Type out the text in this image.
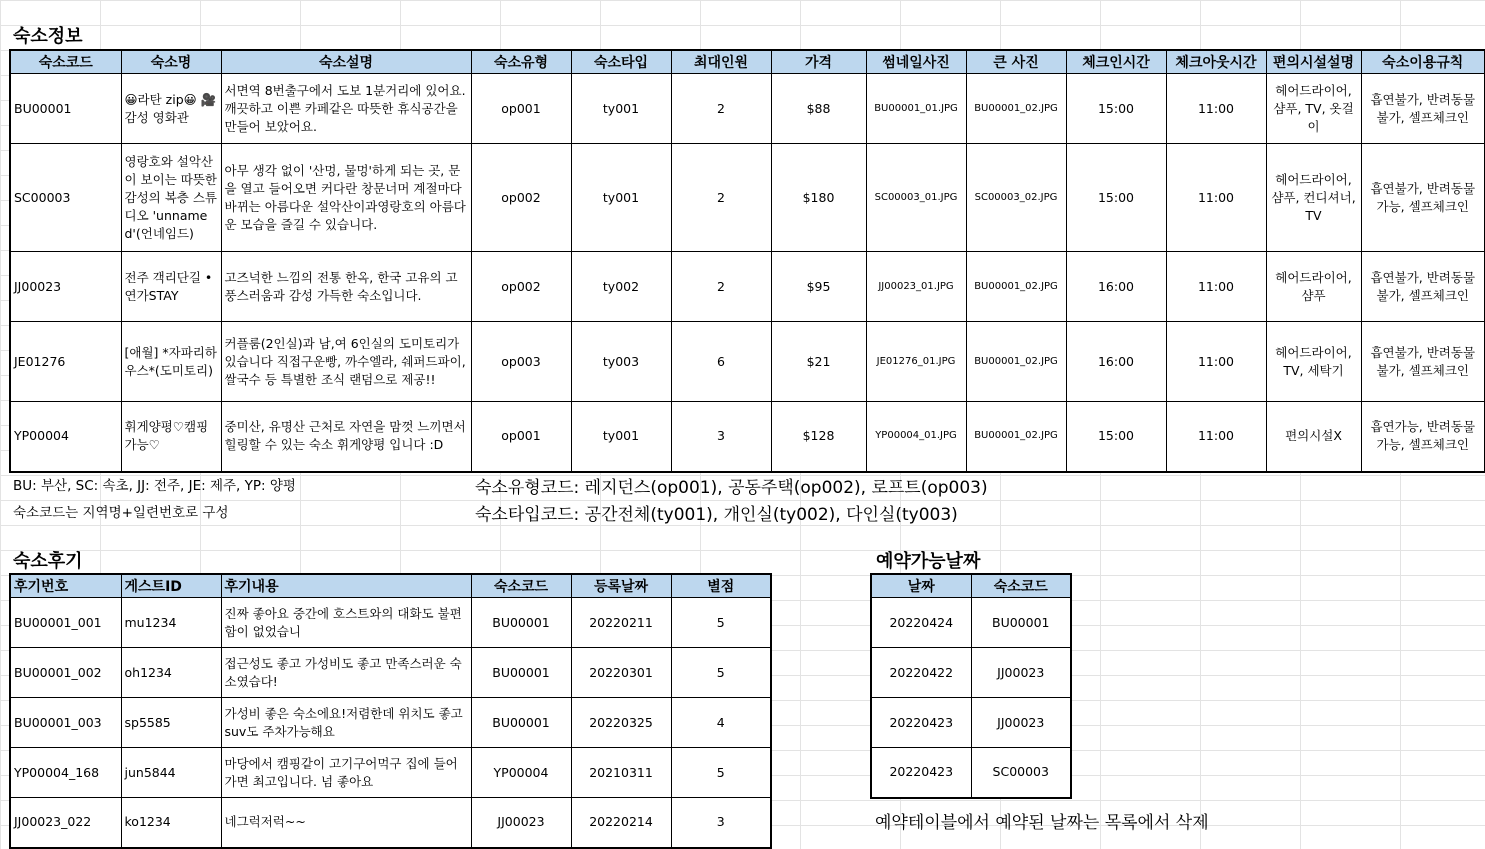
숙소정보
숙소후기	예약가능날짜
숙소코드	숙소명	숙소설명	숙소유형	숙소타입	최대인원	가격	썸네일사진	큰 사진	체크인시간	체크아웃시간	편의시설설명	숙소이용규칙
BU00001	😀라탄 zip😀 🎥감성 영화관	서면역 8번출구에서 도보 1분거리에 있어요.깨끗하고 이쁜 카페같은 따뜻한 휴식공간을 만들어 보았어요.	op001	ty001	2	$88	BU00001_01.JPG	BU00001_02.JPG	15:00	11:00	헤어드라이어, 샴푸, TV, 옷걸이	흡연불가, 반려동물불가, 셀프체크인
SC00003	영랑호와 설악산이 보이는 따뜻한 감성의 복층 스튜디오 'unnamed'(언네임드)	아무 생각 없이 '산멍, 물멍'하게 되는 곳, 문을 열고 들어오면 커다란 창문너머 계절마다 바뀌는 아름다운 설악산이과영랑호의 아름다운 모습을 즐길 수 있습니다.	op002	ty001	2	$180	SC00003_01.JPG	SC00003_02.JPG	15:00	11:00	헤어드라이어, 샴푸, 컨디셔너, TV	흡연불가, 반려동물가능, 셀프체크인
JJ00023	전주 객리단길 • 연가STAY	고즈넉한 느낌의 전통 한옥, 한국 고유의 고풍스러움과 감성 가득한 숙소입니다.	op002	ty002	2	$95	JJ00023_01.JPG	BU00001_02.JPG	16:00	11:00	헤어드라이어, 샴푸	흡연불가, 반려동물불가, 셀프체크인
JE01276	[애월] *자파리하우스*(도미토리)	커플룸(2인실)과 남,여 6인실의 도미토리가 있습니다 직접구운빵, 까수엘라, 쉐퍼드파이, 쌀국수 등 특별한 조식 랜덤으로 제공!!	op003	ty003	6	$21	JE01276_01.JPG	BU00001_02.JPG	16:00	11:00	헤어드라이어, TV, 세탁기	흡연불가, 반려동물불가, 셀프체크인
YP00004	휘게양평♡캠핑가능♡	중미산, 유명산 근처로 자연을 맘껏 느끼면서 힐링할 수 있는 숙소 휘게양평 입니다 :D	op001	ty001	3	$128	YP00004_01.JPG	BU00001_02.JPG	15:00	11:00	편의시설X	흡연가능, 반려동물가능, 셀프체크인
BU: 부산, SC: 속초, JJ: 전주, JE: 제주, YP: 양평
숙소코드는 지역명+일련번호로 구성
숙소유형코드: 레지던스(op001), 공동주택(op002), 로프트(op003)
숙소타입코드: 공간전체(ty001), 개인실(ty002), 다인실(ty003)
후기번호	게스트ID	후기내용	숙소코드	등록날짜	별점
BU00001_001	mu1234	진짜 좋아요 중간에 호스트와의 대화도 불편함이 없었습니	BU00001	20220211	5
BU00001_002	oh1234	접근성도 좋고 가성비도 좋고 만족스러운 숙소였습다!	BU00001	20220301	5
BU00001_003	sp5585	가성비 좋은 숙소에요!저렴한데 위치도 좋고 suv도 주차가능해요	BU00001	20220325	4
YP00004_168	jun5844	마당에서 캠핑같이 고기구어먹구 집에 들어가면 최고입니다. 넘 좋아요	YP00004	20210311	5
JJ00023_022	ko1234	네그럭저럭~~	JJ00023	20220214	3
날짜	숙소코드
20220424	BU00001
20220422	JJ00023
20220423	JJ00023
20220423	SC00003
예약테이블에서 예약된 날짜는 목록에서 삭제
